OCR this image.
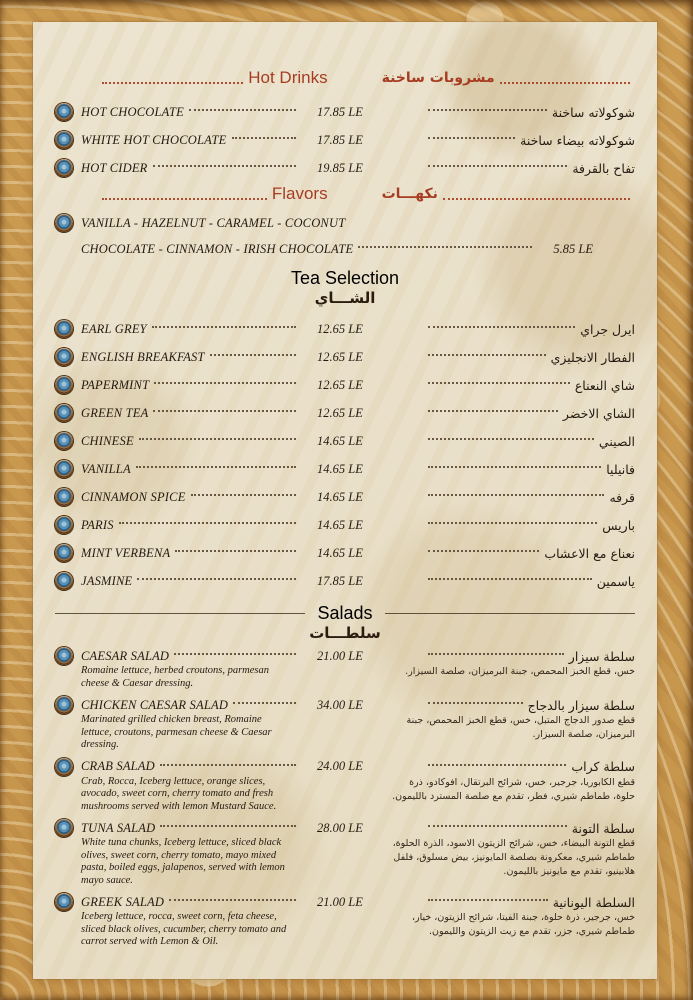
Hot Drinks	مشروبات ساخنة
HOT CHOCOLATE	17.85 LE	شوكولاته ساخنة
WHITE HOT CHOCOLATE	17.85 LE	شوكولاته بيضاء ساخنة
HOT CIDER	19.85 LE	تفاح بالقرفة
Flavors	نكهـــات
VANILLA - HAZELNUT - CARAMEL - COCONUT
CHOCOLATE - CINNAMON - IRISH CHOCOLATE	5.85 LE
Tea Selection
الشـــاي
EARL GREY	12.65 LE	ايرل جراي
ENGLISH BREAKFAST	12.65 LE	الفطار الانجليزي
PAPERMINT	12.65 LE	شاي النعناع
GREEN TEA	12.65 LE	الشاي الاخضر
CHINESE	14.65 LE	الصيني
VANILLA	14.65 LE	فانيليا
CINNAMON SPICE	14.65 LE	قرفه
PARIS	14.65 LE	باريس
MINT VERBENA	14.65 LE	نعناع مع الاعشاب
JASMINE	17.85 LE	ياسمين
Salads
سلطـــات
CAESAR SALAD	21.00 LE	سلطة سيزار
Romaine lettuce, herbed croutons, parmesan cheese & Caesar dressing.
خس، قطع الخبز المحمص، جبنة البرميزان، صلصة السيزار.
CHICKEN CAESAR SALAD	34.00 LE	سلطة سيزار بالدجاج
Marinated grilled chicken breast, Romaine lettuce, croutons, parmesan cheese & Caesar dressing.
قطع صدور الدجاج المتبل، خس، قطع الخبز المحمص، جبنة البرميزان، صلصة السيزار.
CRAB SALAD	24.00 LE	سلطة كراب
Crab, Rocca, Iceberg lettuce, orange slices, avocado, sweet corn, cherry tomato and fresh mushrooms served with lemon Mustard Sauce.
قطع الكابوريا، جرجير، خس، شرائح البرتقال، افوكادو، ذرة حلوة، طماطم شيري، فطر، تقدم مع صلصة المسترد بالليمون.
TUNA SALAD	28.00 LE	سلطة التونة
White tuna chunks, Iceberg lettuce, sliced black olives, sweet corn, cherry tomato, mayo mixed pasta, boiled eggs, jalapenos, served with lemon mayo sauce.
قطع التونة البيضاء، خس، شرائح الزيتون الاسود، الذرة الحلوة، طماطم شيري، معكرونة بصلصة المايونيز، بيض مسلوق، فلفل هلابينيو، تقدم مع مايونيز بالليمون.
GREEK SALAD	21.00 LE	السلطة اليونانية
Iceberg lettuce, rocca, sweet corn, feta cheese, sliced black olives, cucumber, cherry tomato and carrot served with Lemon & Oil.
خس، جرجير، ذرة حلوة، جبنة الفيتا، شرائح الزيتون، خيار، طماطم شيري، جزر، تقدم مع زيت الزيتون والليمون.
